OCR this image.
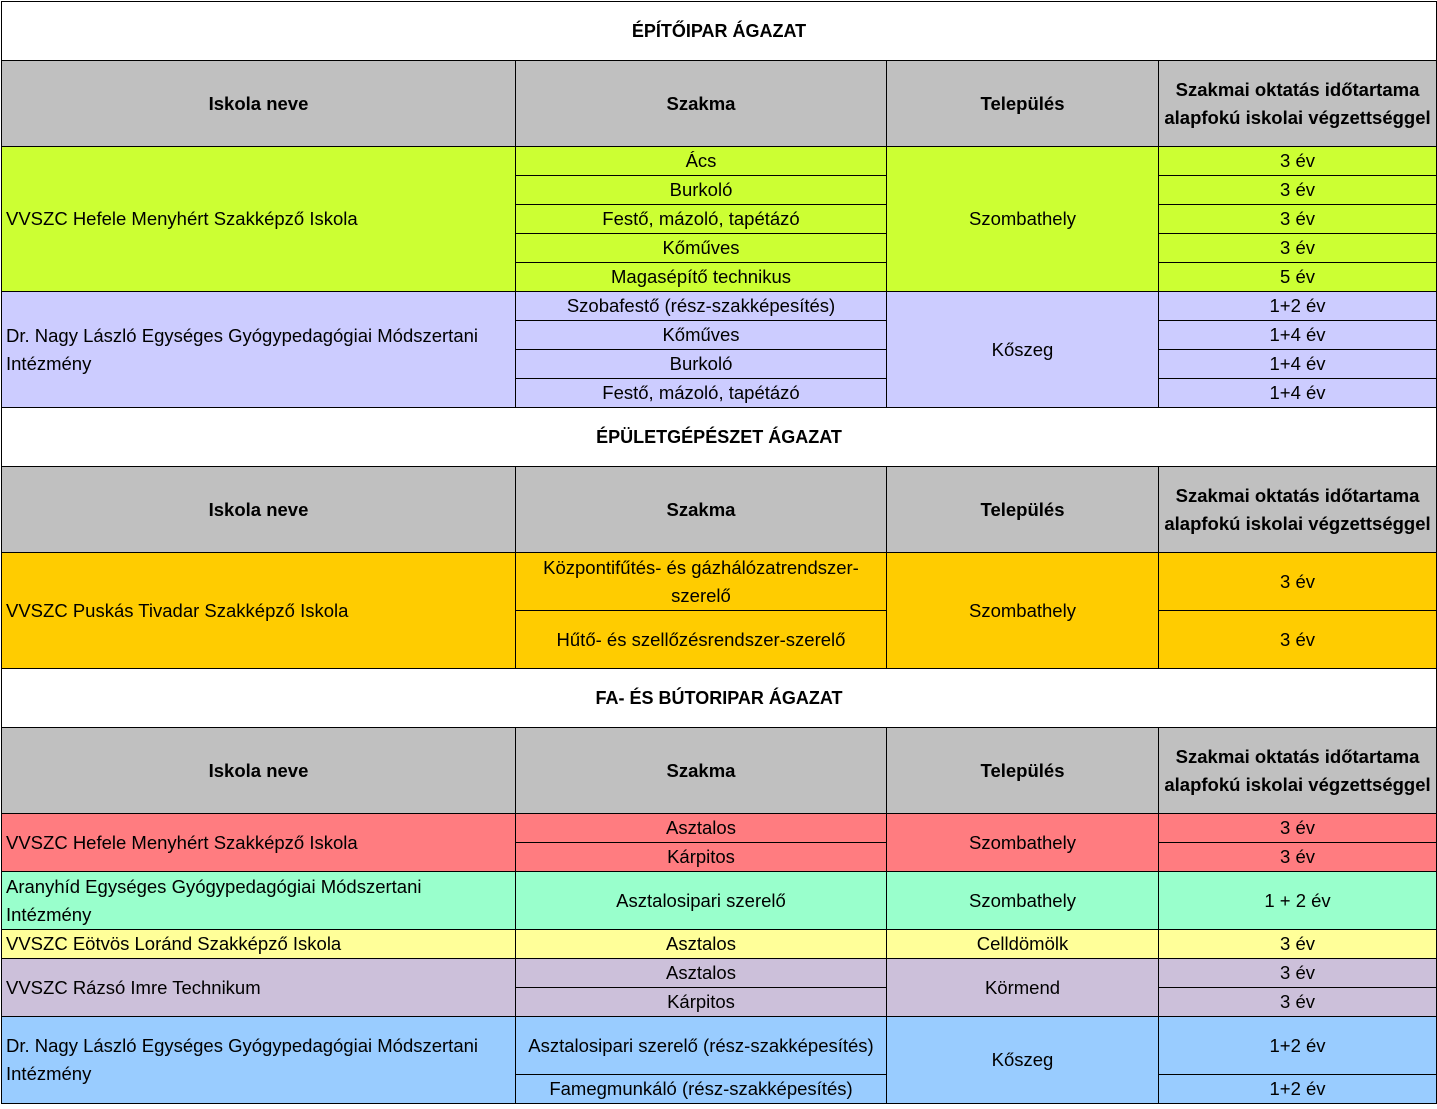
ÉPÍTŐIPAR ÁGAZAT			
Iskola neve	Szakma	Település	Szakmai oktatás időtartama alapfokú iskolai végzettséggel
VVSZC Hefele Menyhért Szakképző Iskola	Ács	Szombathely	3 év
	Burkoló		3 év
	Festő, mázoló, tapétázó		3 év
	Kőműves		3 év
	Magasépítő technikus		5 év
Dr. Nagy László Egységes Gyógypedagógiai Módszertani Intézmény	Szobafestő (rész-szakképesítés)	Kőszeg	1+2 év
	Kőműves		1+4 év
	Burkoló		1+4 év
	Festő, mázoló, tapétázó		1+4 év
ÉPÜLETGÉPÉSZET ÁGAZAT			
Iskola neve	Szakma	Település	Szakmai oktatás időtartama alapfokú iskolai végzettséggel
VVSZC Puskás Tivadar Szakképző Iskola	Központifűtés- és gázhálózatrendszer-szerelő	Szombathely	3 év
	Hűtő- és szellőzésrendszer-szerelő		3 év
FA- ÉS BÚTORIPAR ÁGAZAT			
Iskola neve	Szakma	Település	Szakmai oktatás időtartama alapfokú iskolai végzettséggel
VVSZC Hefele Menyhért Szakképző Iskola	Asztalos	Szombathely	3 év
	Kárpitos		3 év
Aranyhíd Egységes Gyógypedagógiai Módszertani Intézmény	Asztalosipari szerelő	Szombathely	1 + 2 év
VVSZC Eötvös Loránd Szakképző Iskola	Asztalos	Celldömölk	3 év
VVSZC Rázsó Imre Technikum	Asztalos	Körmend	3 év
	Kárpitos		3 év
Dr. Nagy László Egységes Gyógypedagógiai Módszertani Intézmény	Asztalosipari szerelő (rész-szakképesítés)	Kőszeg	1+2 év
	Famegmunkáló (rész-szakképesítés)		1+2 év
